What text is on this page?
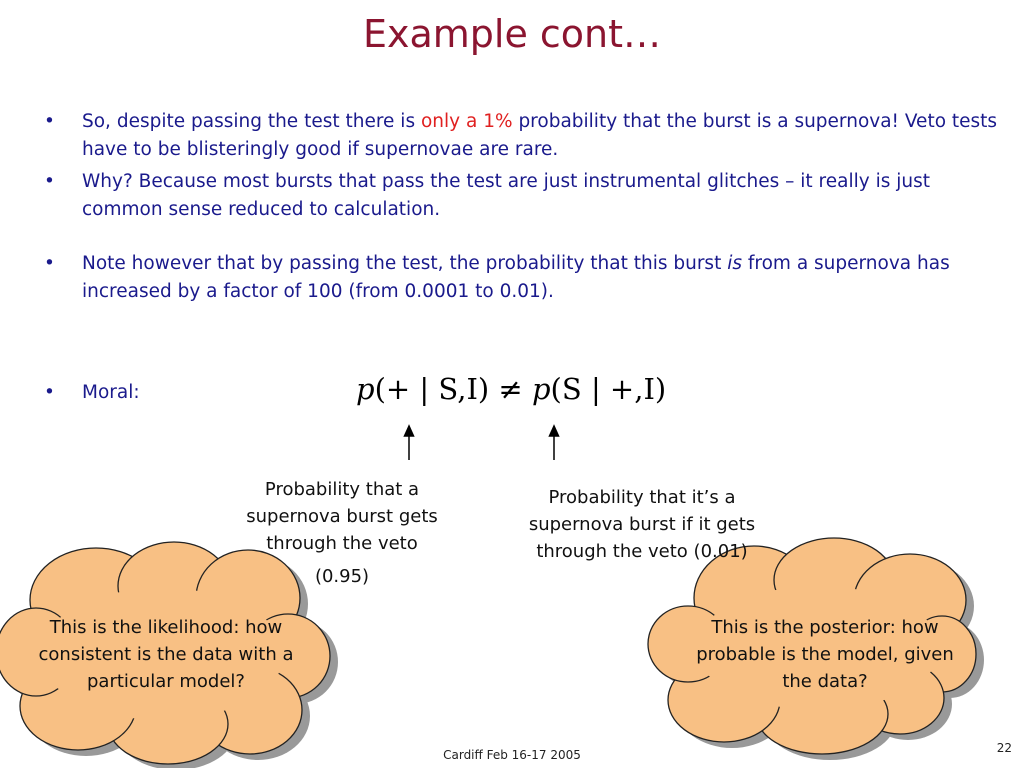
Example cont…
• So, despite passing the test there is only a 1% probability that the burst is a supernova! Veto tests have to be blisteringly good if supernovae are rare.
• Why? Because most bursts that pass the test are just instrumental glitches – it really is just common sense reduced to calculation.
• Note however that by passing the test, the probability that this burst is from a supernova has increased by a factor of 100 (from 0.0001 to 0.01).
• Moral:	p(+ | S,I) ≠ p(S | +,I)
Probability that a supernova burst gets through the veto
(0.95)
Probability that it’s a supernova burst if it gets through the veto (0.01)
This is the likelihood: how consistent is the data with a particular model?
This is the posterior: how probable is the model, given the data?
Cardiff Feb 16-17 2005	22
